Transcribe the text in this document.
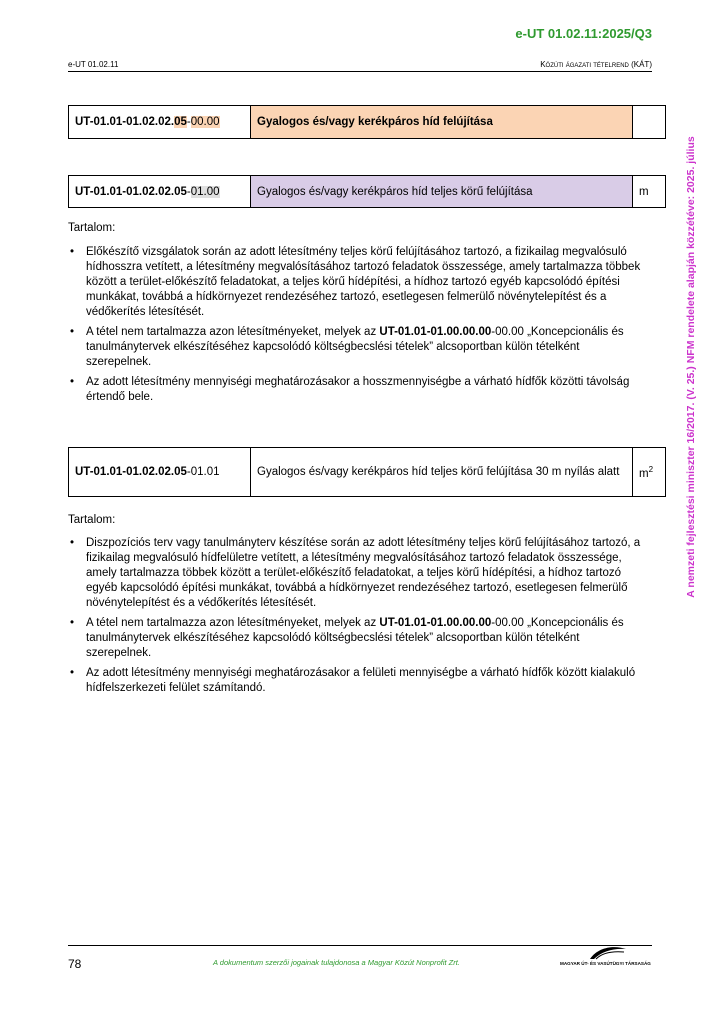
e-UT 01.02.11:2025/Q3
e-UT 01.02.11	Közúti ágazati tételrend (KÁT)
A nemzeti fejlesztési miniszter 16/2017. (V. 25.) NFM rendelete alapján közzétéve: 2025. július
UT-01.01-01.02.02.05-00.00	Gyalogos és/vagy kerékpáros híd felújítása	
UT-01.01-01.02.02.05-01.00	Gyalogos és/vagy kerékpáros híd teljes körű felújítása	m
Tartalom:
• Előkészítő vizsgálatok során az adott létesítmény teljes körű felújításához tartozó, a fizikailag megvalósuló hídhosszra vetített, a létesítmény megvalósításához tartozó feladatok összessége, amely tartalmazza többek között a terület-előkészítő feladatokat, a teljes körű hídépítési, a hídhoz tartozó egyéb kapcsolódó építési munkákat, továbbá a hídkörnyezet rendezéséhez tartozó, esetlegesen felmerülő növénytelepítést és a védőkerítés létesítését.
• A tétel nem tartalmazza azon létesítményeket, melyek az UT-01.01-01.00.00.00-00.00 „Koncepcionális és tanulmánytervek elkészítéséhez kapcsolódó költségbecslési tételek” alcsoportban külön tételként szerepelnek.
• Az adott létesítmény mennyiségi meghatározásakor a hosszmennyiségbe a várható hídfők közötti távolság értendő bele.
UT-01.01-01.02.02.05-01.01	Gyalogos és/vagy kerékpáros híd teljes körű felújítása 30 m nyílás alatt	$m^2$
Tartalom:
• Diszpozíciós terv vagy tanulmányterv készítése során az adott létesítmény teljes körű felújításához tartozó, a fizikailag megvalósuló hídfelületre vetített, a létesítmény megvalósításához tartozó feladatok összessége, amely tartalmazza többek között a terület-előkészítő feladatokat, a teljes körű hídépítési, a hídhoz tartozó egyéb kapcsolódó építési munkákat, továbbá a hídkörnyezet rendezéséhez tartozó, esetlegesen felmerülő növénytelepítést és a védőkerítés létesítését.
• A tétel nem tartalmazza azon létesítményeket, melyek az UT-01.01-01.00.00.00-00.00 „Koncepcionális és tanulmánytervek elkészítéséhez kapcsolódó költségbecslési tételek” alcsoportban külön tételként szerepelnek.
• Az adott létesítmény mennyiségi meghatározásakor a felületi mennyiségbe a várható hídfők között kialakuló hídfelszerkezeti felület számítandó.
78	A dokumentum szerzői jogainak tulajdonosa a Magyar Közút Nonprofit Zrt.	MAGYAR ÚT- ÉS VASÚTÜGYI TÁRSASÁG
